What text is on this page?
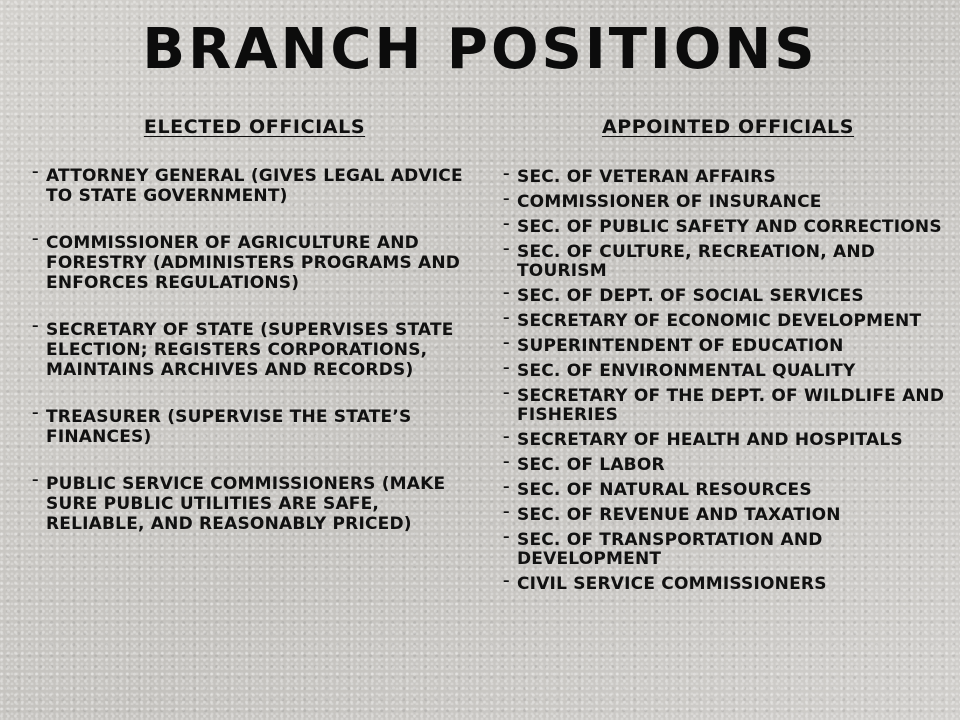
BRANCH POSITIONS
ELECTED OFFICIALS
– ATTORNEY GENERAL (GIVES LEGAL ADVICE TO STATE GOVERNMENT)
– COMMISSIONER OF AGRICULTURE AND FORESTRY (ADMINISTERS PROGRAMS AND ENFORCES REGULATIONS)
– SECRETARY OF STATE (SUPERVISES STATE ELECTION; REGISTERS CORPORATIONS, MAINTAINS ARCHIVES AND RECORDS)
– TREASURER (SUPERVISE THE STATE’S FINANCES)
– PUBLIC SERVICE COMMISSIONERS (MAKE SURE PUBLIC UTILITIES ARE SAFE, RELIABLE, AND REASONABLY PRICED)
APPOINTED OFFICIALS
– SEC. OF VETERAN AFFAIRS
– COMMISSIONER OF INSURANCE
– SEC. OF PUBLIC SAFETY AND CORRECTIONS
– SEC. OF CULTURE, RECREATION, AND TOURISM
– SEC. OF DEPT. OF SOCIAL SERVICES
– SECRETARY OF ECONOMIC DEVELOPMENT
– SUPERINTENDENT OF EDUCATION
– SEC. OF ENVIRONMENTAL QUALITY
– SECRETARY OF THE DEPT. OF WILDLIFE AND FISHERIES
– SECRETARY OF HEALTH AND HOSPITALS
– SEC. OF LABOR
– SEC. OF NATURAL RESOURCES
– SEC. OF REVENUE AND TAXATION
– SEC. OF TRANSPORTATION AND DEVELOPMENT
– CIVIL SERVICE COMMISSIONERS
